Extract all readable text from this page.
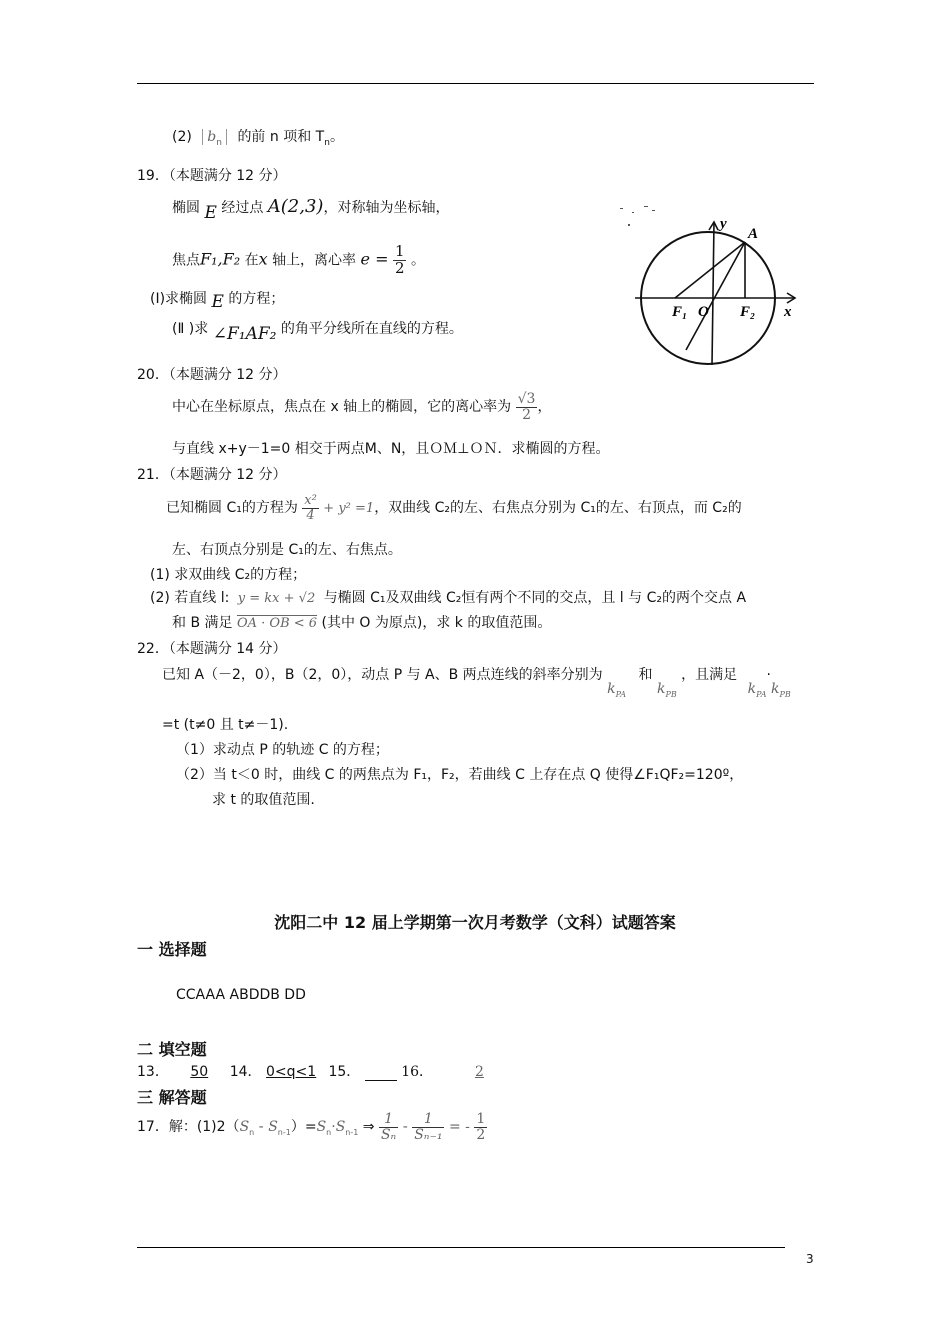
(2) $b_n$ 的前 n 项和 $T_n$。
19．（本题满分 12 分）
椭圆 E 经过点 A(2,3)，对称轴为坐标轴，
焦点F₁,F₂ 在x 轴上，离心率 $e = \frac{1}{2}$ 。
(Ⅰ)求椭圆 E 的方程；
(Ⅱ )求 ∠F₁AF₂ 的角平分线所在直线的方程。
A
y
x
F₁ O F₂
20．（本题满分 12 分）
中心在坐标原点，焦点在 x 轴上的椭圆，它的离心率为 $\frac{√3}{2}$ ，
与直线 x+y－1=0 相交于两点M、N，且ＯＭ⊥ＯＮ．求椭圆的方程。
21．（本题满分 12 分）
已知椭圆 C₁的方程为 $\frac{\text{x²}}{4} + y^2 =1$，双曲线 C₂的左、右焦点分别为 C₁的左、右顶点，而 C₂的
左、右顶点分别是 C₁的左、右焦点。
(1) 求双曲线 C₂的方程；
(2) 若直线 l: y = kx + √2 与椭圆 C₁及双曲线 C₂恒有两个不同的交点，且 l 与 C₂的两个交点 A
和 B 满足 OA · OB < 6 (其中 O 为原点)，求 k 的取值范围。
22．（本题满分 14 分）
已知 A（－2，0），B（2，0），动点 P 与 A、B 两点连线的斜率分别为 $k_{PA}$ 和 $k_{PB}$ ，且满足 $k_{PA}\cdot k_{PB}$
=t (t≠0 且 t≠－1).
（1）求动点 P 的轨迹 C 的方程；
（2）当 t＜0 时，曲线 C 的两焦点为 F₁，F₂，若曲线 C 上存在点 Q 使得∠F₁QF₂=120º，
求 t 的取值范围.
沈阳二中 12 届上学期第一次月考数学（文科）试题答案
一 选择题
CCAAA ABDDB DD
二 填空题
13． 50 14． 0<q<1 15．	16．	2
三 解答题
17．解：$(1)2(S_n - S_{n-1})=S_n\cdot S_{n-1}$ ⇒ $\frac{1}{\text{Sₙ}} - \frac{1}{\text{Sₙ₋₁}}$ = - $\frac{1}{2}$
3
